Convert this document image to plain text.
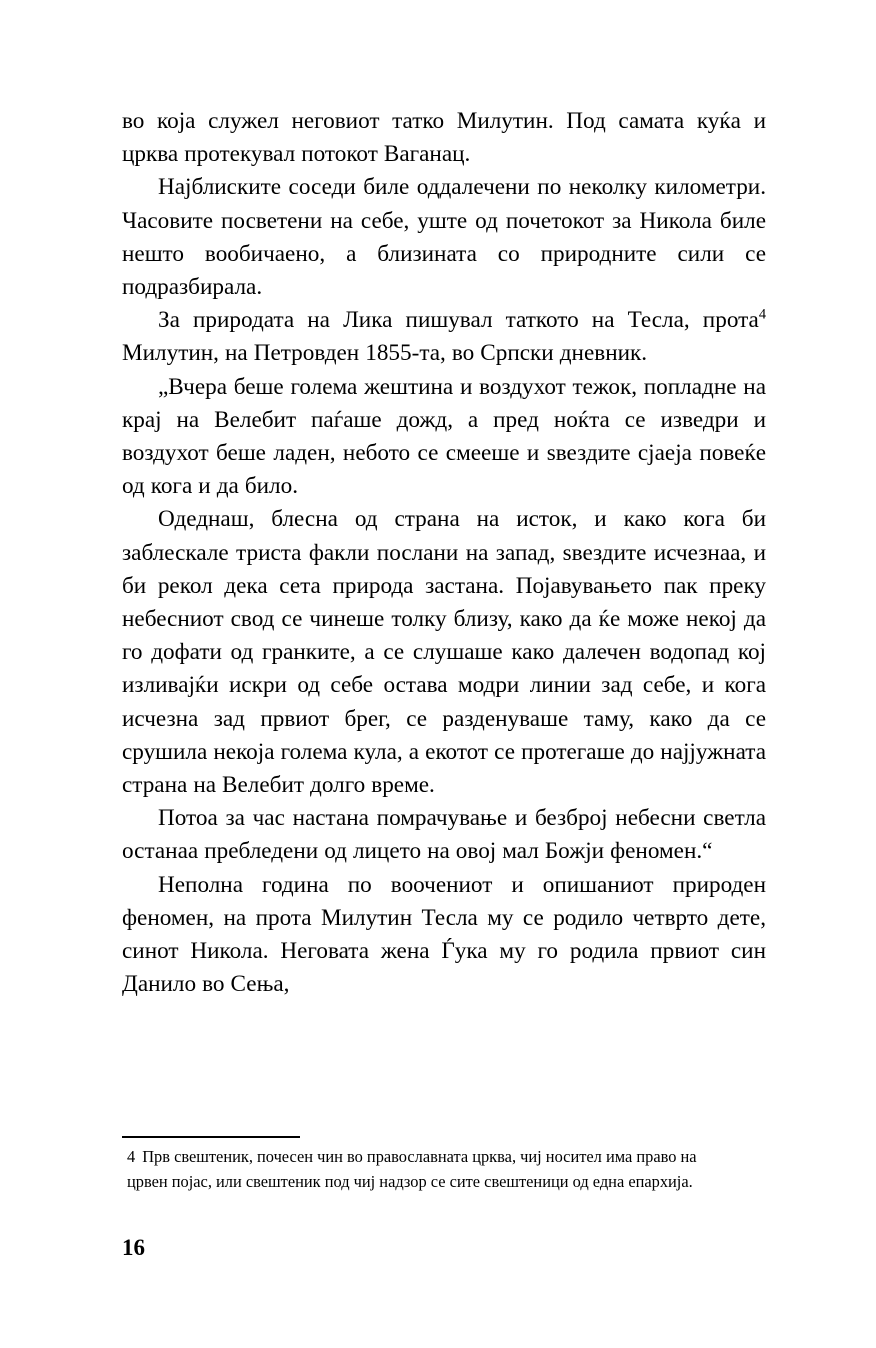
во која служел неговиот татко Милутин. Под самата куќа и црква протекувал потокот Ваганац.

Најблиските соседи биле оддалечени по неколку километри. Часовите посветени на себе, уште од почетокот за Никола биле нешто вообичаено, а близината со природните сили се подразбирала.

За природата на Лика пишувал таткото на Тесла, прота$^4$ Милутин, на Петровден 1855-та, во Српски дневник.

„Вчера беше голема жештина и воздухот тежок, попладне на крај на Велебит паѓаше дожд, а пред ноќта се изведри и воздухот беше ладен, небото се смееше и ѕвездите сјаеја повеќе од кога и да било.

Одеднаш, блесна од страна на исток, и како кога би заблескале триста факли послани на запад, ѕвездите исчезнаа, и би рекол дека сета природа застана. Појавувањето пак преку небесниот свод се чинеше толку близу, како да ќе може некој да го дофати од гранките, а се слушаше како далечен водопад кој изливајќи искри од себе остава модри линии зад себе, и кога исчезна зад првиот брег, се разденуваше таму, како да се срушила некоја голема кула, а екотот се протегаше до најјужната страна на Велебит долго време.

Потоа за час настана помрачување и безброј небесни светла останаа пребледени од лицето на овој мал Божји феномен.“

Неполна година по воочениот и опишаниот природен феномен, на прота Милутин Тесла му се родило четврто дете, синот Никола. Неговата жена Ѓука му го родила првиот син Данило во Сења,

4 Прв свештеник, почесен чин во православната црква, чиј носител има право на црвен појас, или свештеник под чиј надзор се сите свештеници од една епархија.

16
